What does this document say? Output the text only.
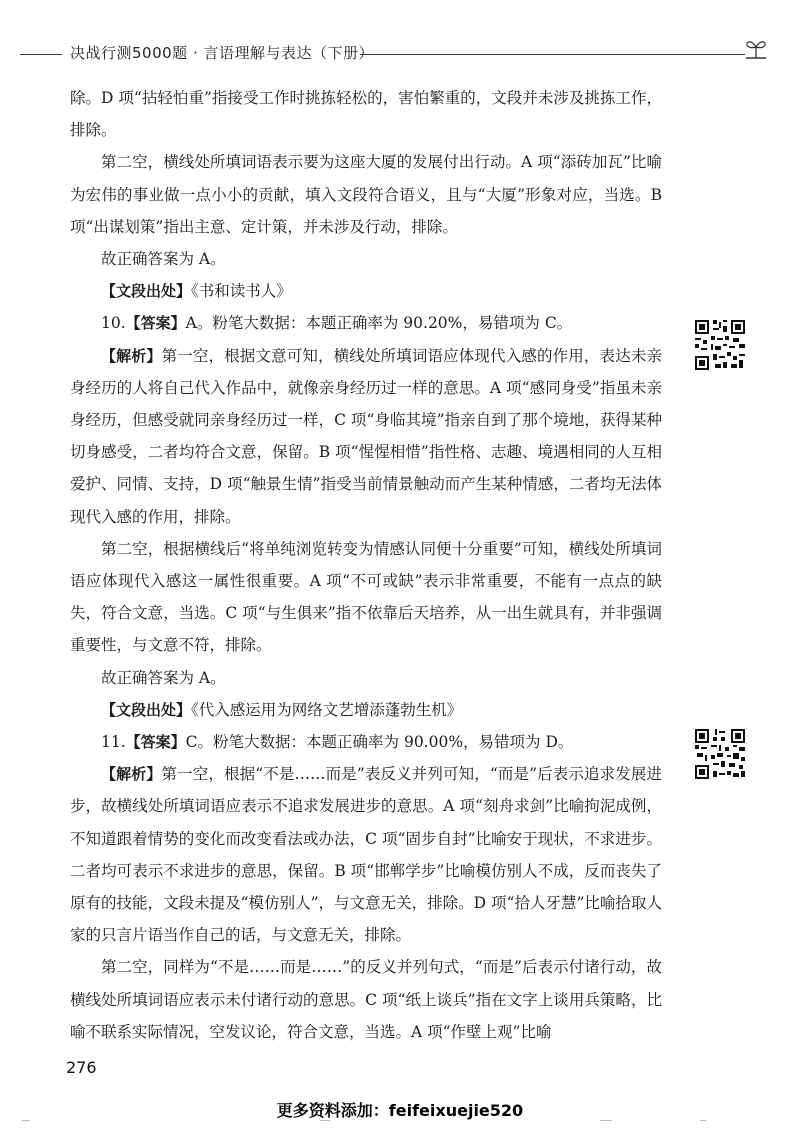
决战行测5000题 · 言语理解与表达（下册）

除。D 项“拈轻怕重”指接受工作时挑拣轻松的，害怕繁重的，文段并未涉及挑拣工作，排除。

第二空，横线处所填词语表示要为这座大厦的发展付出行动。A 项“添砖加瓦”比喻为宏伟的事业做一点小小的贡献，填入文段符合语义，且与“大厦”形象对应，当选。B 项“出谋划策”指出主意、定计策，并未涉及行动，排除。

故正确答案为 A。

【文段出处】《书和读书人》

10.【答案】A。粉笔大数据：本题正确率为 90.20%，易错项为 C。

【解析】第一空，根据文意可知，横线处所填词语应体现代入感的作用，表达未亲身经历的人将自己代入作品中，就像亲身经历过一样的意思。A 项“感同身受”指虽未亲身经历，但感受就同亲身经历过一样，C 项“身临其境”指亲自到了那个境地，获得某种切身感受，二者均符合文意，保留。B 项“惺惺相惜”指性格、志趣、境遇相同的人互相爱护、同情、支持，D 项“触景生情”指受当前情景触动而产生某种情感，二者均无法体现代入感的作用，排除。

第二空，根据横线后“将单纯浏览转变为情感认同便十分重要”可知，横线处所填词语应体现代入感这一属性很重要。A 项“不可或缺”表示非常重要，不能有一点点的缺失，符合文意，当选。C 项“与生俱来”指不依靠后天培养，从一出生就具有，并非强调重要性，与文意不符，排除。

故正确答案为 A。

【文段出处】《代入感运用为网络文艺增添蓬勃生机》

11.【答案】C。粉笔大数据：本题正确率为 90.00%，易错项为 D。

【解析】第一空，根据“不是……而是”表反义并列可知，“而是”后表示追求发展进步，故横线处所填词语应表示不追求发展进步的意思。A 项“刻舟求剑”比喻拘泥成例，不知道跟着情势的变化而改变看法或办法，C 项“固步自封”比喻安于现状，不求进步。二者均可表示不求进步的意思，保留。B 项“邯郸学步”比喻模仿别人不成，反而丧失了原有的技能，文段未提及“模仿别人”，与文意无关，排除。D 项“拾人牙慧”比喻拾取人家的只言片语当作自己的话，与文意无关，排除。

第二空，同样为“不是……而是……”的反义并列句式，“而是”后表示付诸行动，故横线处所填词语应表示未付诸行动的意思。C 项“纸上谈兵”指在文字上谈用兵策略，比喻不联系实际情况，空发议论，符合文意，当选。A 项“作壁上观”比喻

276
更多资料添加：feifeixuejie520
